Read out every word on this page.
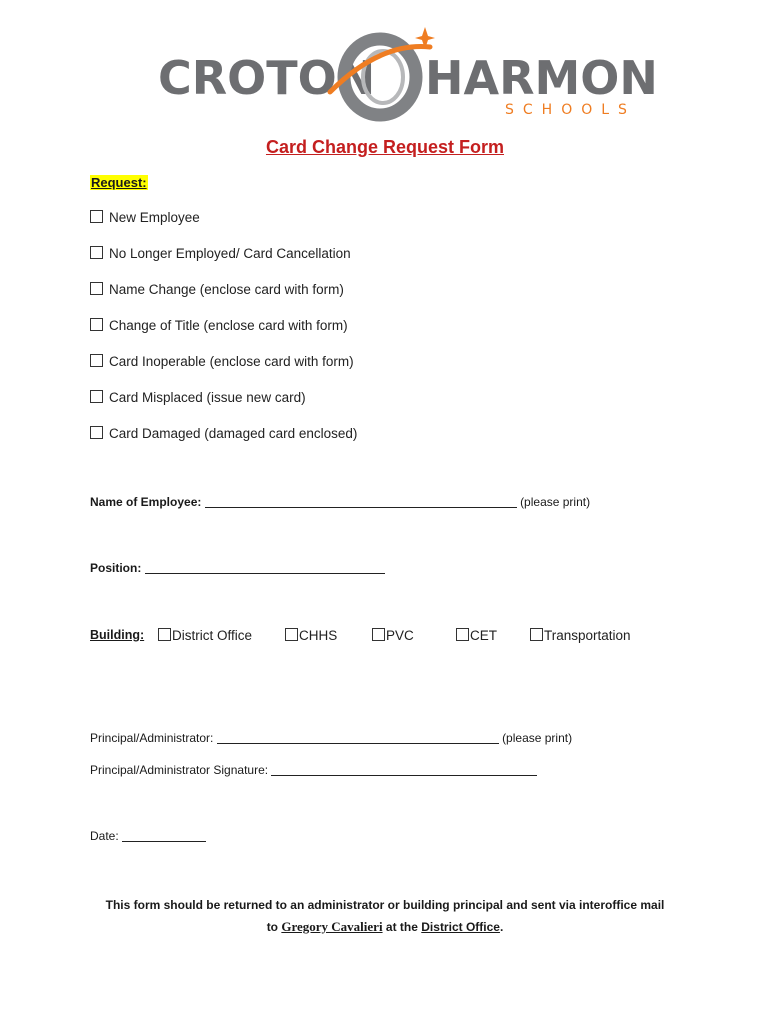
CROTON HARMON
SCHOOLS
Card Change Request Form
Request:
New Employee
No Longer Employed/ Card Cancellation
Name Change (enclose card with form)
Change of Title (enclose card with form)
Card Inoperable (enclose card with form)
Card Misplaced (issue new card)
Card Damaged (damaged card enclosed)
Name of Employee:	(please print)
Position:
Building:	District Office	CHHS	PVC	CET	Transportation
Principal/Administrator:	(please print)
Principal/Administrator Signature:
Date:
This form should be returned to an administrator or building principal and sent via interoffice mail
to Gregory Cavalieri at the District Office.
